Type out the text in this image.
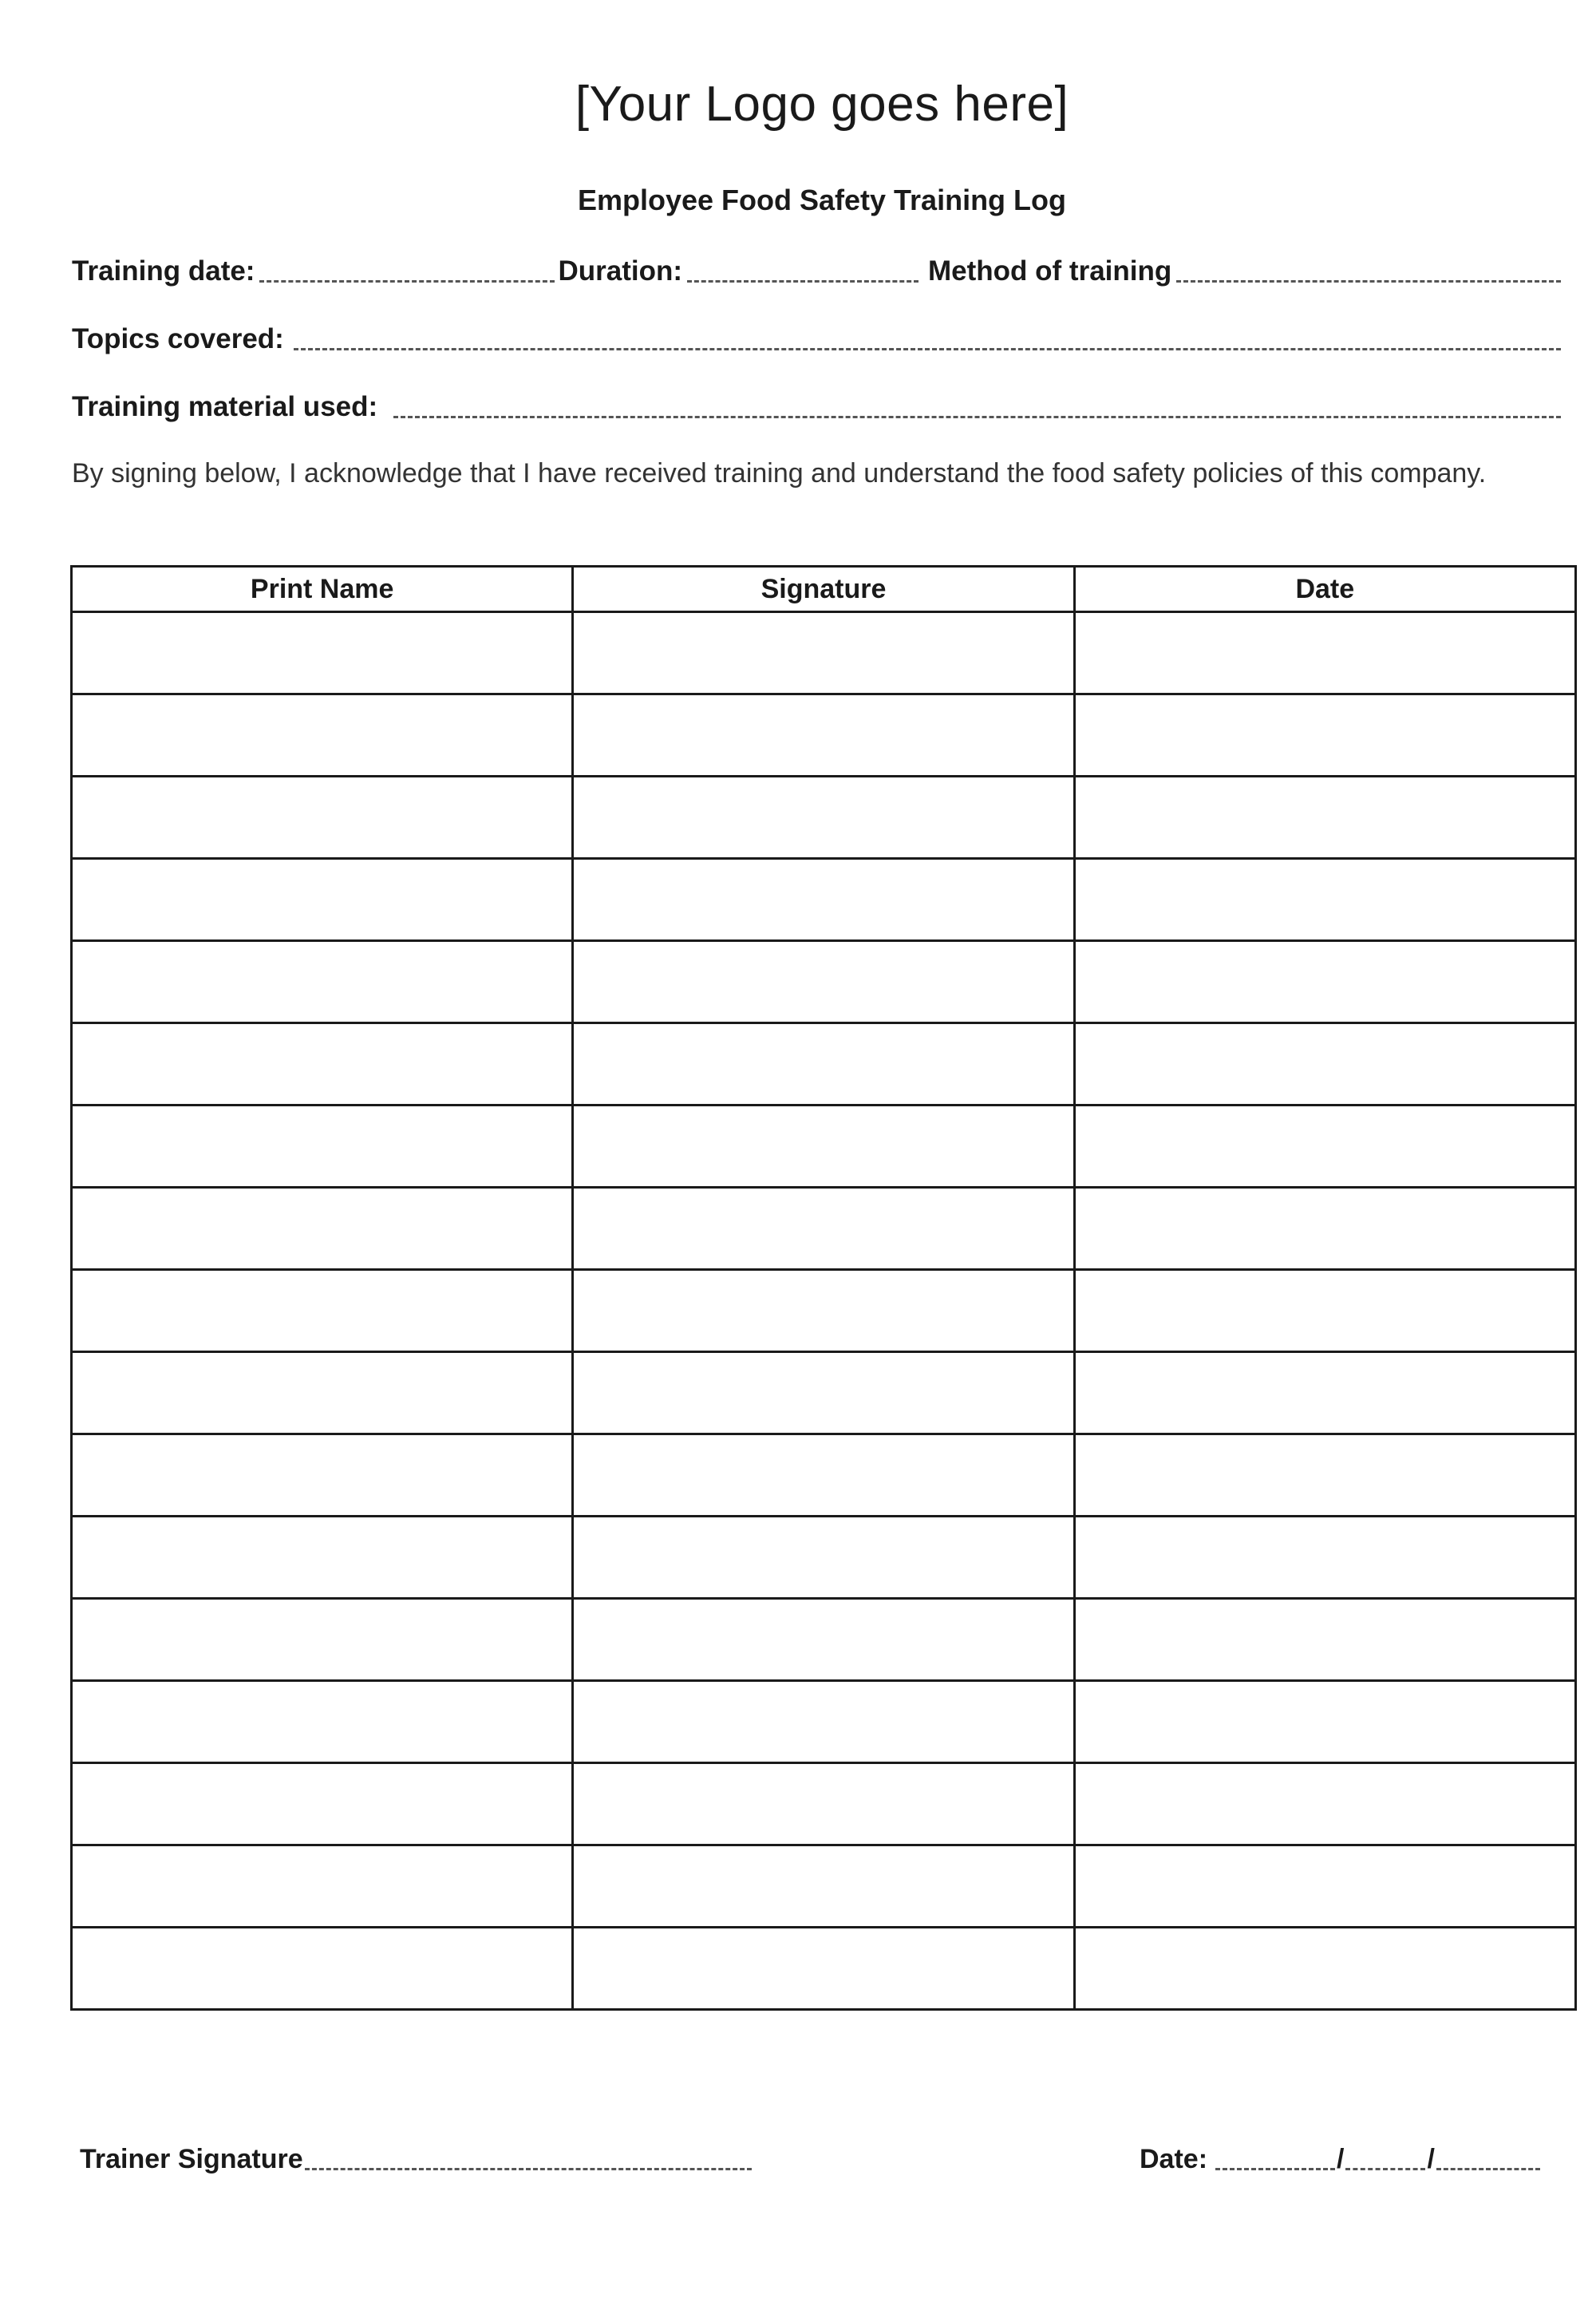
[Your Logo goes here]
Employee Food Safety Training Log
Training date:	Duration:	Method of training
Topics covered:
Training material used:
By signing below, I acknowledge that I have received training and understand the food safety policies of this company.
Print Name	Signature	Date

Trainer Signature	Date:	/	/
